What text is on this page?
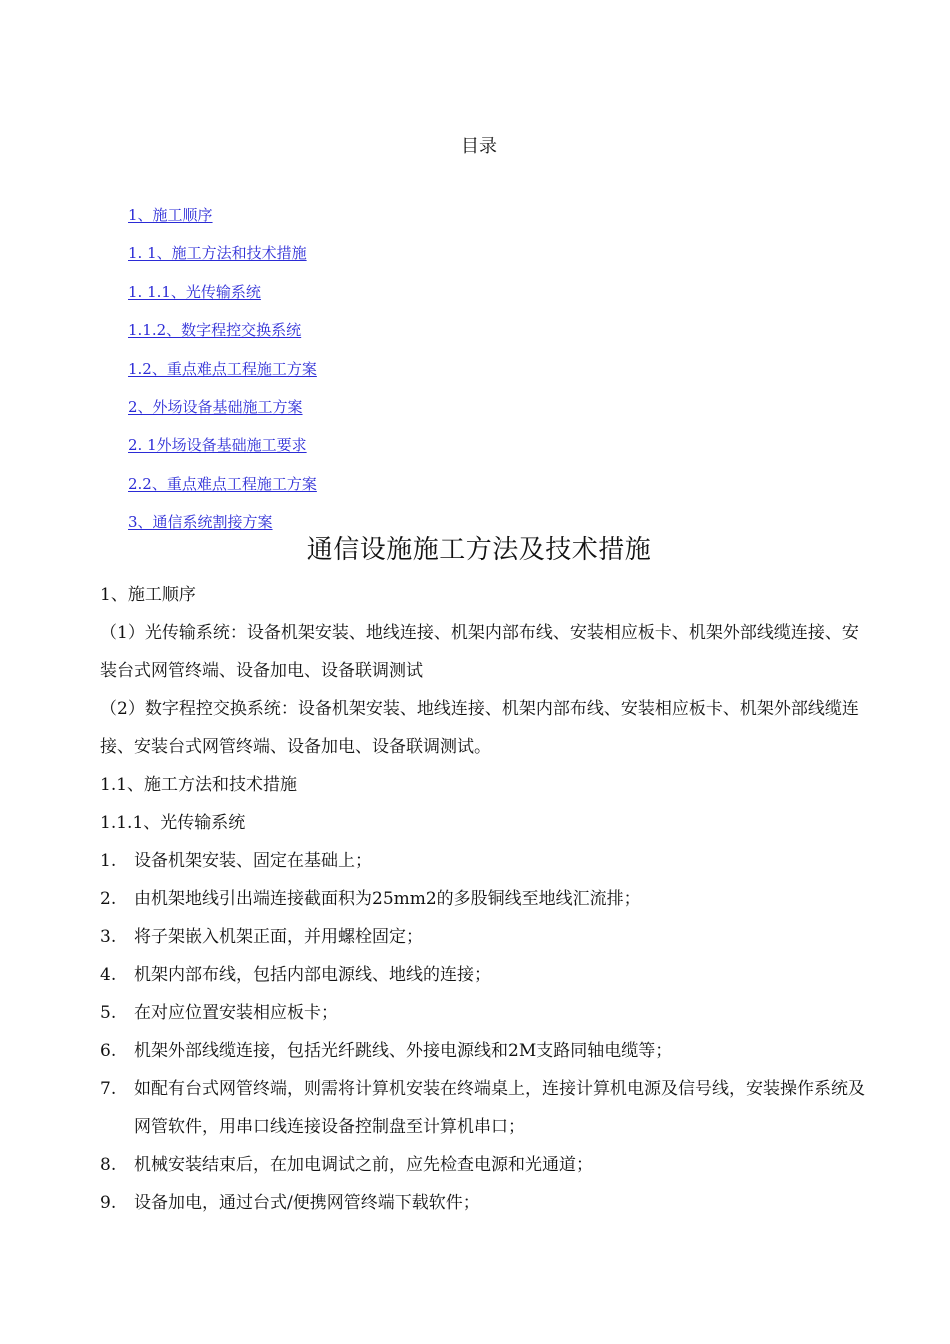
目录
1、施工顺序
1. 1、施工方法和技术措施
1. 1.1、光传输系统
1.1.2、数字程控交换系统
1.2、重点难点工程施工方案
2、外场设备基础施工方案
2. 1外场设备基础施工要求
2.2、重点难点工程施工方案
3、通信系统割接方案
通信设施施工方法及技术措施
1、施工顺序
（1）光传输系统：设备机架安装、地线连接、机架内部布线、安装相应板卡、机架外部线缆连接、安装台式网管终端、设备加电、设备联调测试
（2）数字程控交换系统：设备机架安装、地线连接、机架内部布线、安装相应板卡、机架外部线缆连接、安装台式网管终端、设备加电、设备联调测试。
1.1、施工方法和技术措施
1.1.1、光传输系统
1.	设备机架安装、固定在基础上；
2.	由机架地线引出端连接截面积为25mm2的多股铜线至地线汇流排；
3.	将子架嵌入机架正面，并用螺栓固定；
4.	机架内部布线，包括内部电源线、地线的连接；
5.	在对应位置安装相应板卡；
6.	机架外部线缆连接，包括光纤跳线、外接电源线和2M支路同轴电缆等；
7.	如配有台式网管终端，则需将计算机安装在终端桌上，连接计算机电源及信号线，安装操作系统及网管软件，用串口线连接设备控制盘至计算机串口；
8.	机械安装结束后，在加电调试之前，应先检查电源和光通道；
9.	设备加电，通过台式/便携网管终端下载软件；
